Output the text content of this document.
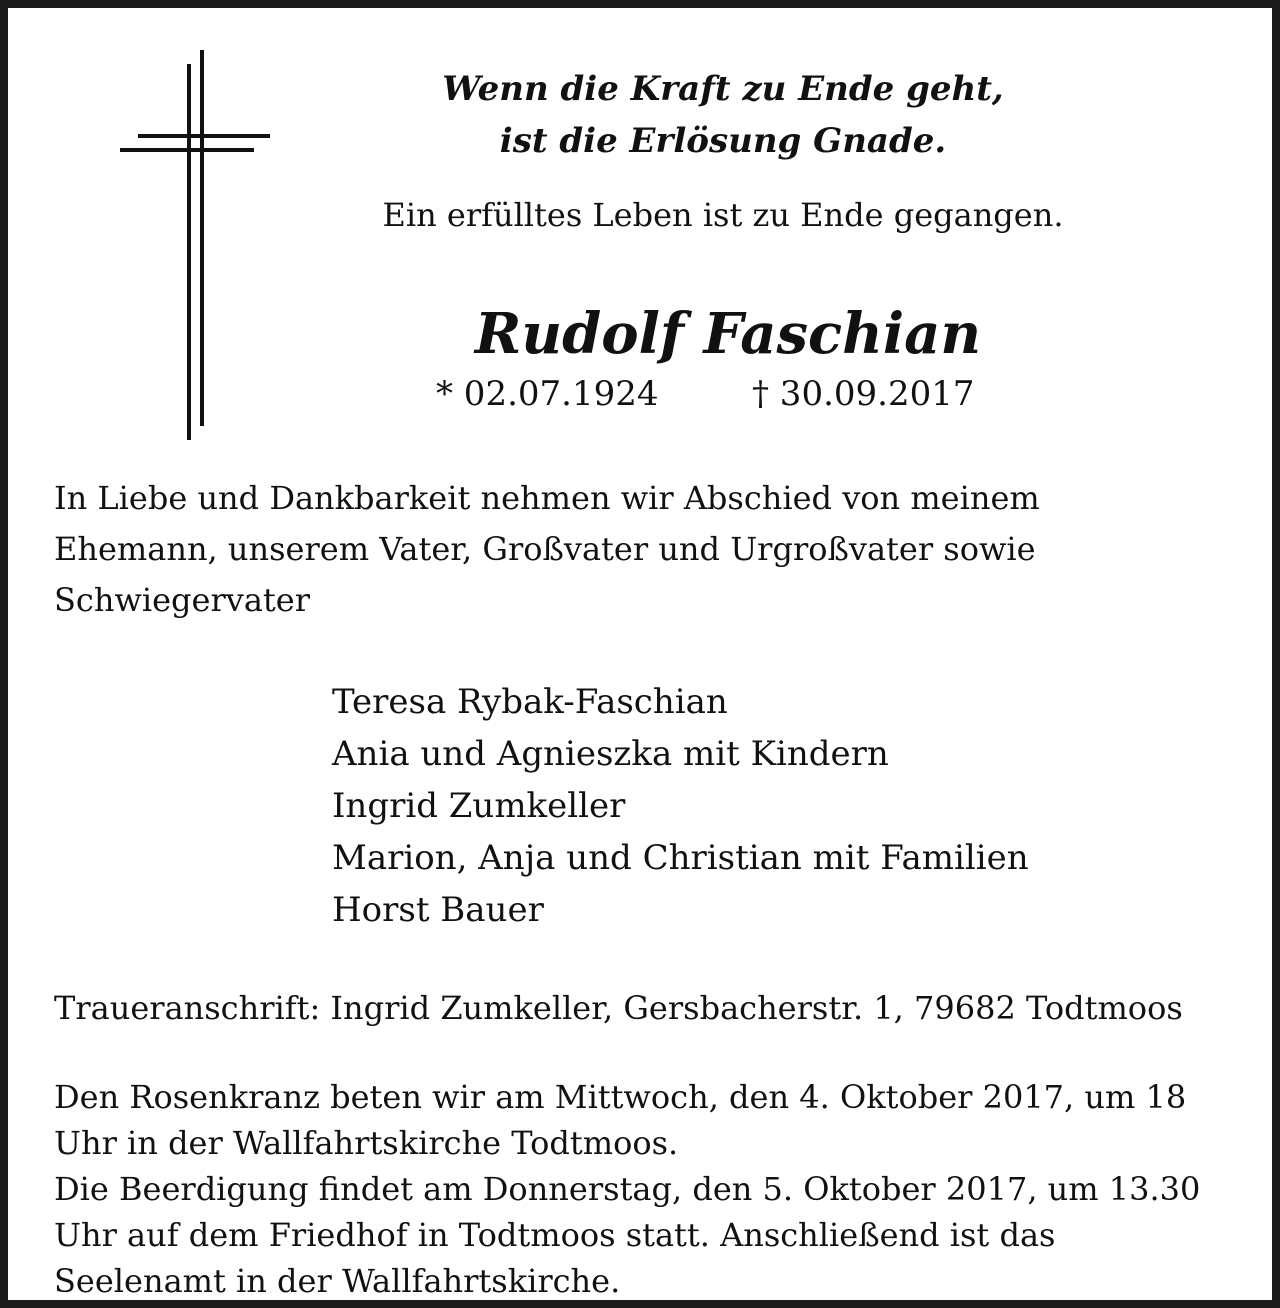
Wenn die Kraft zu Ende geht,
ist die Erlösung Gnade.
Ein erfülltes Leben ist zu Ende gegangen.
Rudolf Faschian
* 02.07.1924	† 30.09.2017
In Liebe und Dankbarkeit nehmen wir Abschied von meinem
Ehemann, unserem Vater, Großvater und Urgroßvater sowie
Schwiegervater
Teresa Rybak-Faschian
Ania und Agnieszka mit Kindern
Ingrid Zumkeller
Marion, Anja und Christian mit Familien
Horst Bauer
Traueranschrift: Ingrid Zumkeller, Gersbacherstr. 1, 79682 Todtmoos
Den Rosenkranz beten wir am Mittwoch, den 4. Oktober 2017, um 18
Uhr in der Wallfahrtskirche Todtmoos.
Die Beerdigung findet am Donnerstag, den 5. Oktober 2017, um 13.30
Uhr auf dem Friedhof in Todtmoos statt. Anschließend ist das
Seelenamt in der Wallfahrtskirche.
